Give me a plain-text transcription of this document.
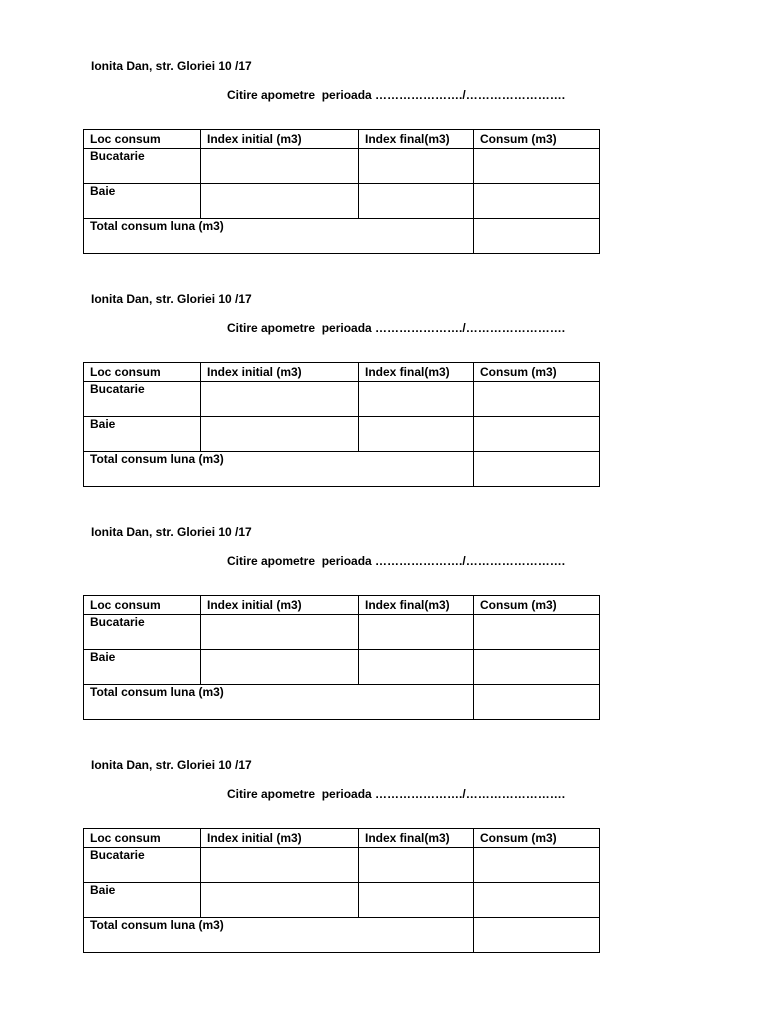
Ionita Dan, str. Gloriei 10 /17
Citire apometre  perioada …………………./…………………….
Loc consum	Index initial (m3)	Index final(m3)	Consum (m3)
Bucatarie			
Baie			
Total consum luna (m3)			
Ionita Dan, str. Gloriei 10 /17
Citire apometre  perioada …………………./…………………….
Loc consum	Index initial (m3)	Index final(m3)	Consum (m3)
Bucatarie			
Baie			
Total consum luna (m3)			
Ionita Dan, str. Gloriei 10 /17
Citire apometre  perioada …………………./…………………….
Loc consum	Index initial (m3)	Index final(m3)	Consum (m3)
Bucatarie			
Baie			
Total consum luna (m3)			
Ionita Dan, str. Gloriei 10 /17
Citire apometre  perioada …………………./…………………….
Loc consum	Index initial (m3)	Index final(m3)	Consum (m3)
Bucatarie			
Baie			
Total consum luna (m3)			
